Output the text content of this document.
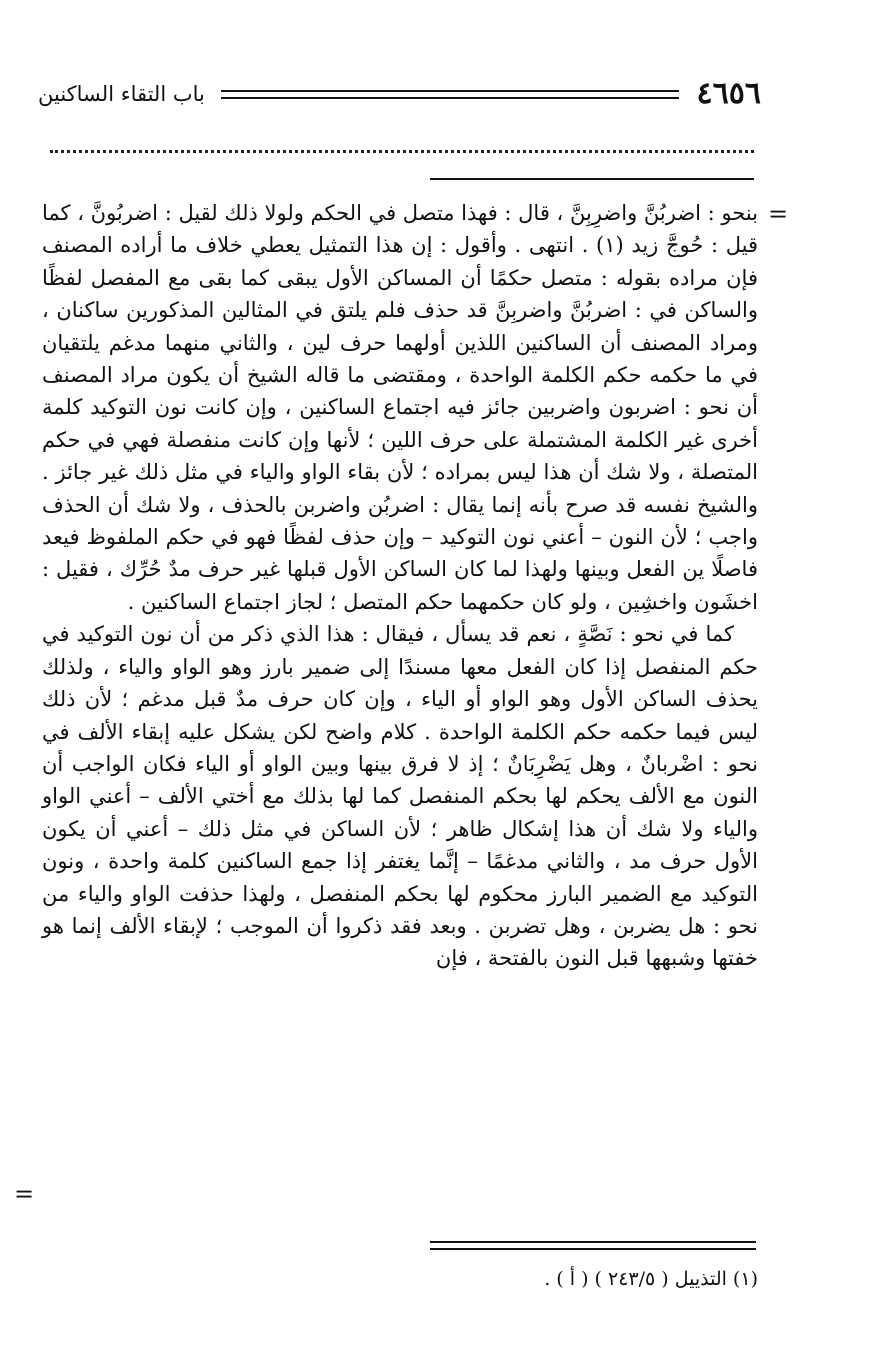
٤٦٥٦
باب التقاء الساكنين
=

بنحو : اضربُنَّ واضرِبِنَّ ، قال : فهذا متصل في الحكم ولولا ذلك لقيل : اضربُونَّ ، كما قيل : حُوجَّ زيد (١) . انتهى . وأقول : إن هذا التمثيل يعطي خلاف ما أراده المصنف فإن مراده بقوله : متصل حكمًا أن المساكن الأول يبقى كما بقى مع المفصل لفظًا والساكن في : اضربُنَّ واضربِنَّ قد حذف فلم يلتق في المثالين المذكورين ساكنان ، ومراد المصنف أن الساكنين اللذين أولهما حرف لين ، والثاني منهما مدغم يلتقيان في ما حكمه حكم الكلمة الواحدة ، ومقتضى ما قاله الشيخ أن يكون مراد المصنف أن نحو : اضربون واضربين جائز فيه اجتماع الساكنين ، وإن كانت نون التوكيد كلمة أخرى غير الكلمة المشتملة على حرف اللين ؛ لأنها وإن كانت منفصلة فهي في حكم المتصلة ، ولا شك أن هذا ليس بمراده ؛ لأن بقاء الواو والياء في مثل ذلك غير جائز . والشيخ نفسه قد صرح بأنه إنما يقال : اضربُن واضربن بالحذف ، ولا شك أن الحذف واجب ؛ لأن النون – أعني نون التوكيد – وإن حذف لفظًا فهو في حكم الملفوظ فيعد فاصلًا ين الفعل وبينها ولهذا لما كان الساكن الأول قبلها غير حرف مدٌ حُرِّك ، فقيل : اخشَون واخشِين ، ولو كان حكمهما حكم المتصل ؛ لجاز اجتماع الساكنين .

كما في نحو : نَصَّةٍ ، نعم قد يسأل ، فيقال : هذا الذي ذكر من أن نون التوكيد في حكم المنفصل إذا كان الفعل معها مسندًا إلى ضمير بارز وهو الواو والياء ، ولذلك يحذف الساكن الأول وهو الواو أو الياء ، وإن كان حرف مدٌ قبل مدغم ؛ لأن ذلك ليس فيما حكمه حكم الكلمة الواحدة . كلام واضح لكن يشكل عليه إبقاء الألف في نحو : اضْربانٌ ، وهل يَضْرِبَانٌ ؛ إذ لا فرق بينها وبين الواو أو الياء فكان الواجب أن النون مع الألف يحكم لها بحكم المنفصل كما لها بذلك مع أختي الألف – أعني الواو والياء ولا شك أن هذا إشكال ظاهر ؛ لأن الساكن في مثل ذلك – أعني أن يكون الأول حرف مد ، والثاني مدغمًا – إنَّما يغتفر إذا جمع الساكنين كلمة واحدة ، ونون التوكيد مع الضمير البارز محكوم لها بحكم المنفصل ، ولهذا حذفت الواو والياء من نحو : هل يضربن ، وهل تضربن . وبعد فقد ذكروا أن الموجب ؛ لإبقاء الألف إنما هو خفتها وشبهها قبل النون بالفتحة ، فإن

=
(١) التذييل ( ٢٤٣/٥ ) ( أ ) .
